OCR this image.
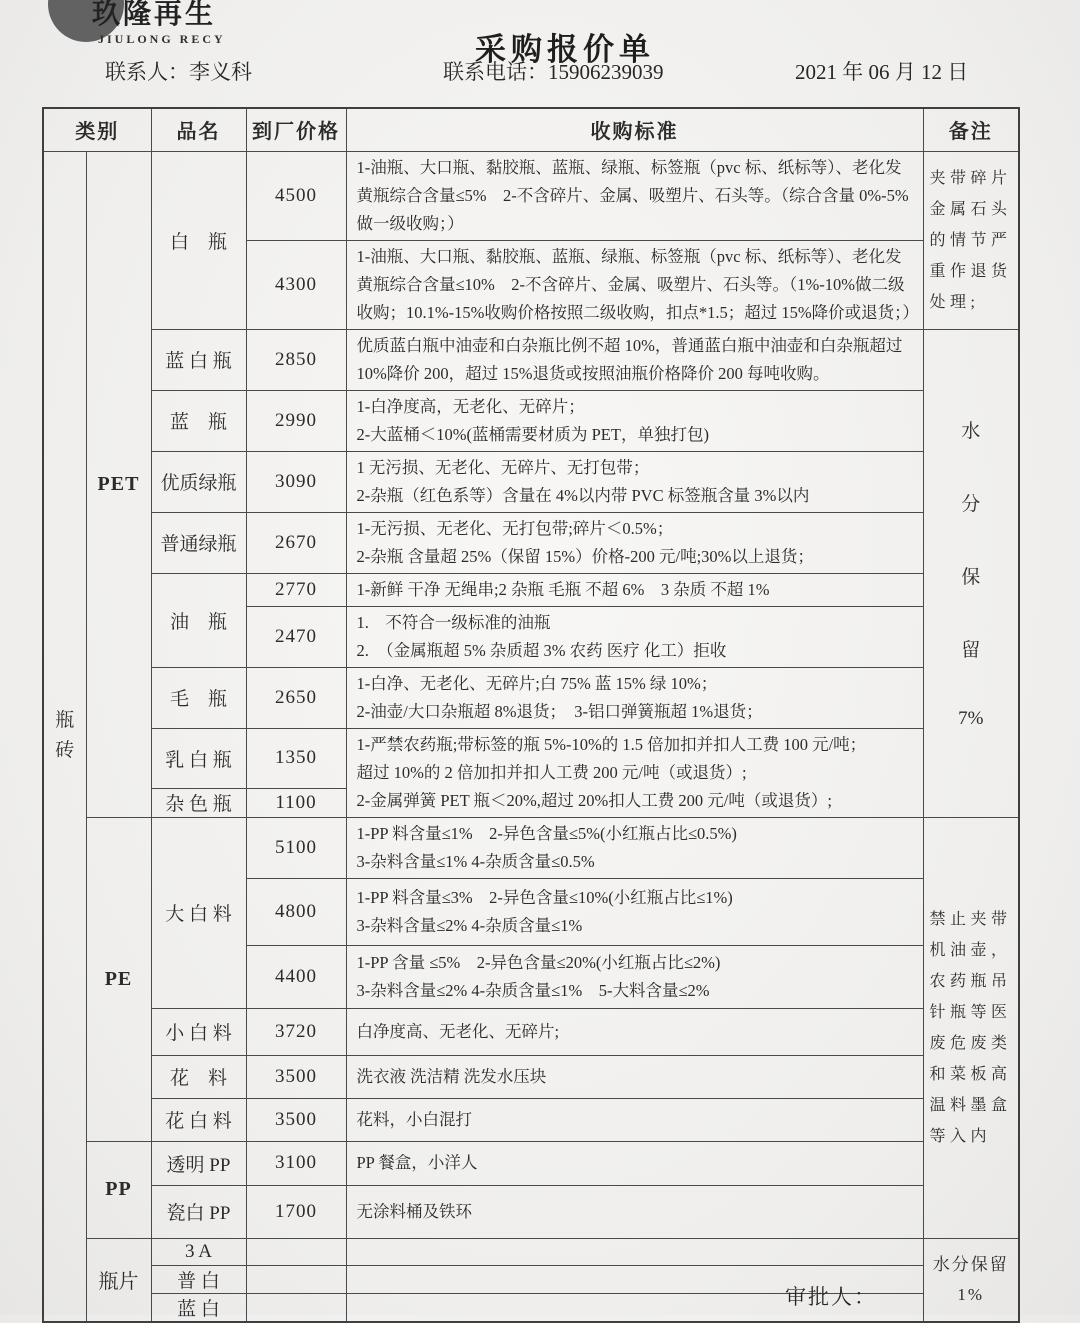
玖隆再生
JIULONG RECY	采购报价单
联系人：李义科	联系电话：15906239039	2021 年 06 月 12 日
类别		品名	到厂价格	收购标准	备注

瓶砖	PET	白　瓶	4500	1-油瓶、大口瓶、黏胶瓶、蓝瓶、绿瓶、标签瓶（pvc 标、纸标等）、老化发黄瓶综合含量≤5%　2-不含碎片、金属、吸塑片、石头等。（综合含量 0%-5%做一级收购；）	夹带碎片金属石头的情节严重作退货处理;

			4300	1-油瓶、大口瓶、黏胶瓶、蓝瓶、绿瓶、标签瓶（pvc 标、纸标等）、老化发黄瓶综合含量≤10%　2-不含碎片、金属、吸塑片、石头等。（1%-10%做二级收购；10.1%-15%收购价格按照二级收购，扣点*1.5；超过 15%降价或退货；）	

		蓝 白 瓶	2850	优质蓝白瓶中油壶和白杂瓶比例不超 10%，普通蓝白瓶中油壶和白杂瓶超过 10%降价 200，超过 15%退货或按照油瓶价格降价 200 每吨收购。	水
分
保
留
7%

		蓝　瓶	2990	1-白净度高，无老化、无碎片；
2-大蓝桶＜10%(蓝桶需要材质为 PET，单独打包)	

		优质绿瓶	3090	1 无污损、无老化、无碎片、无打包带；
2-杂瓶（红色系等）含量在 4%以内带 PVC 标签瓶含量 3%以内	

		普通绿瓶	2670	1-无污损、无老化、无打包带;碎片＜0.5%；
2-杂瓶 含量超 25%（保留 15%）价格-200 元/吨;30%以上退货；	

		油　瓶	2770	1-新鲜 干净 无绳串;2 杂瓶 毛瓶 不超 6%　3 杂质 不超 1%	

			2470	1.　不符合一级标准的油瓶
2.　（金属瓶超 5% 杂质超 3% 农药 医疗 化工）拒收	

		毛　瓶	2650	1-白净、无老化、无碎片;白 75% 蓝 15% 绿 10%；
2-油壶/大口杂瓶超 8%退货；　3-铝口弹簧瓶超 1%退货；	

		乳 白 瓶	1350	1-严禁农药瓶;带标签的瓶 5%-10%的 1.5 倍加扣并扣人工费 100 元/吨；
超过 10%的 2 倍加扣并扣人工费 200 元/吨（或退货）;
2-金属弹簧 PET 瓶＜20%,超过 20%扣人工费 200 元/吨（或退货）;	

		杂 色 瓶	1100		
	PE	大 白 料	5100	1-PP 料含量≤1%　2-异色含量≤5%(小红瓶占比≤0.5%)
3-杂料含量≤1% 4-杂质含量≤0.5%	禁止夹带机油壶，农药瓶吊针瓶等医废危废类和菜板高温料墨盒等入内

			4800	1-PP 料含量≤3%　2-异色含量≤10%(小红瓶占比≤1%)
3-杂料含量≤2% 4-杂质含量≤1%	

			4400	1-PP 含量 ≤5%　2-异色含量≤20%(小红瓶占比≤2%)
3-杂料含量≤2% 4-杂质含量≤1%　5-大料含量≤2%	

		小 白 料	3720	白净度高、无老化、无碎片;	

		花　料	3500	洗衣液 洗洁精 洗发水压块	

		花 白 料	3500	花料，小白混打	

	PP	透明 PP	3100	PP 餐盒，小洋人	

		瓷白 PP	1700	无涂料桶及铁环	

	瓶片	3 A			水分保留
1%

		普 白			
		蓝 白				审批人：
